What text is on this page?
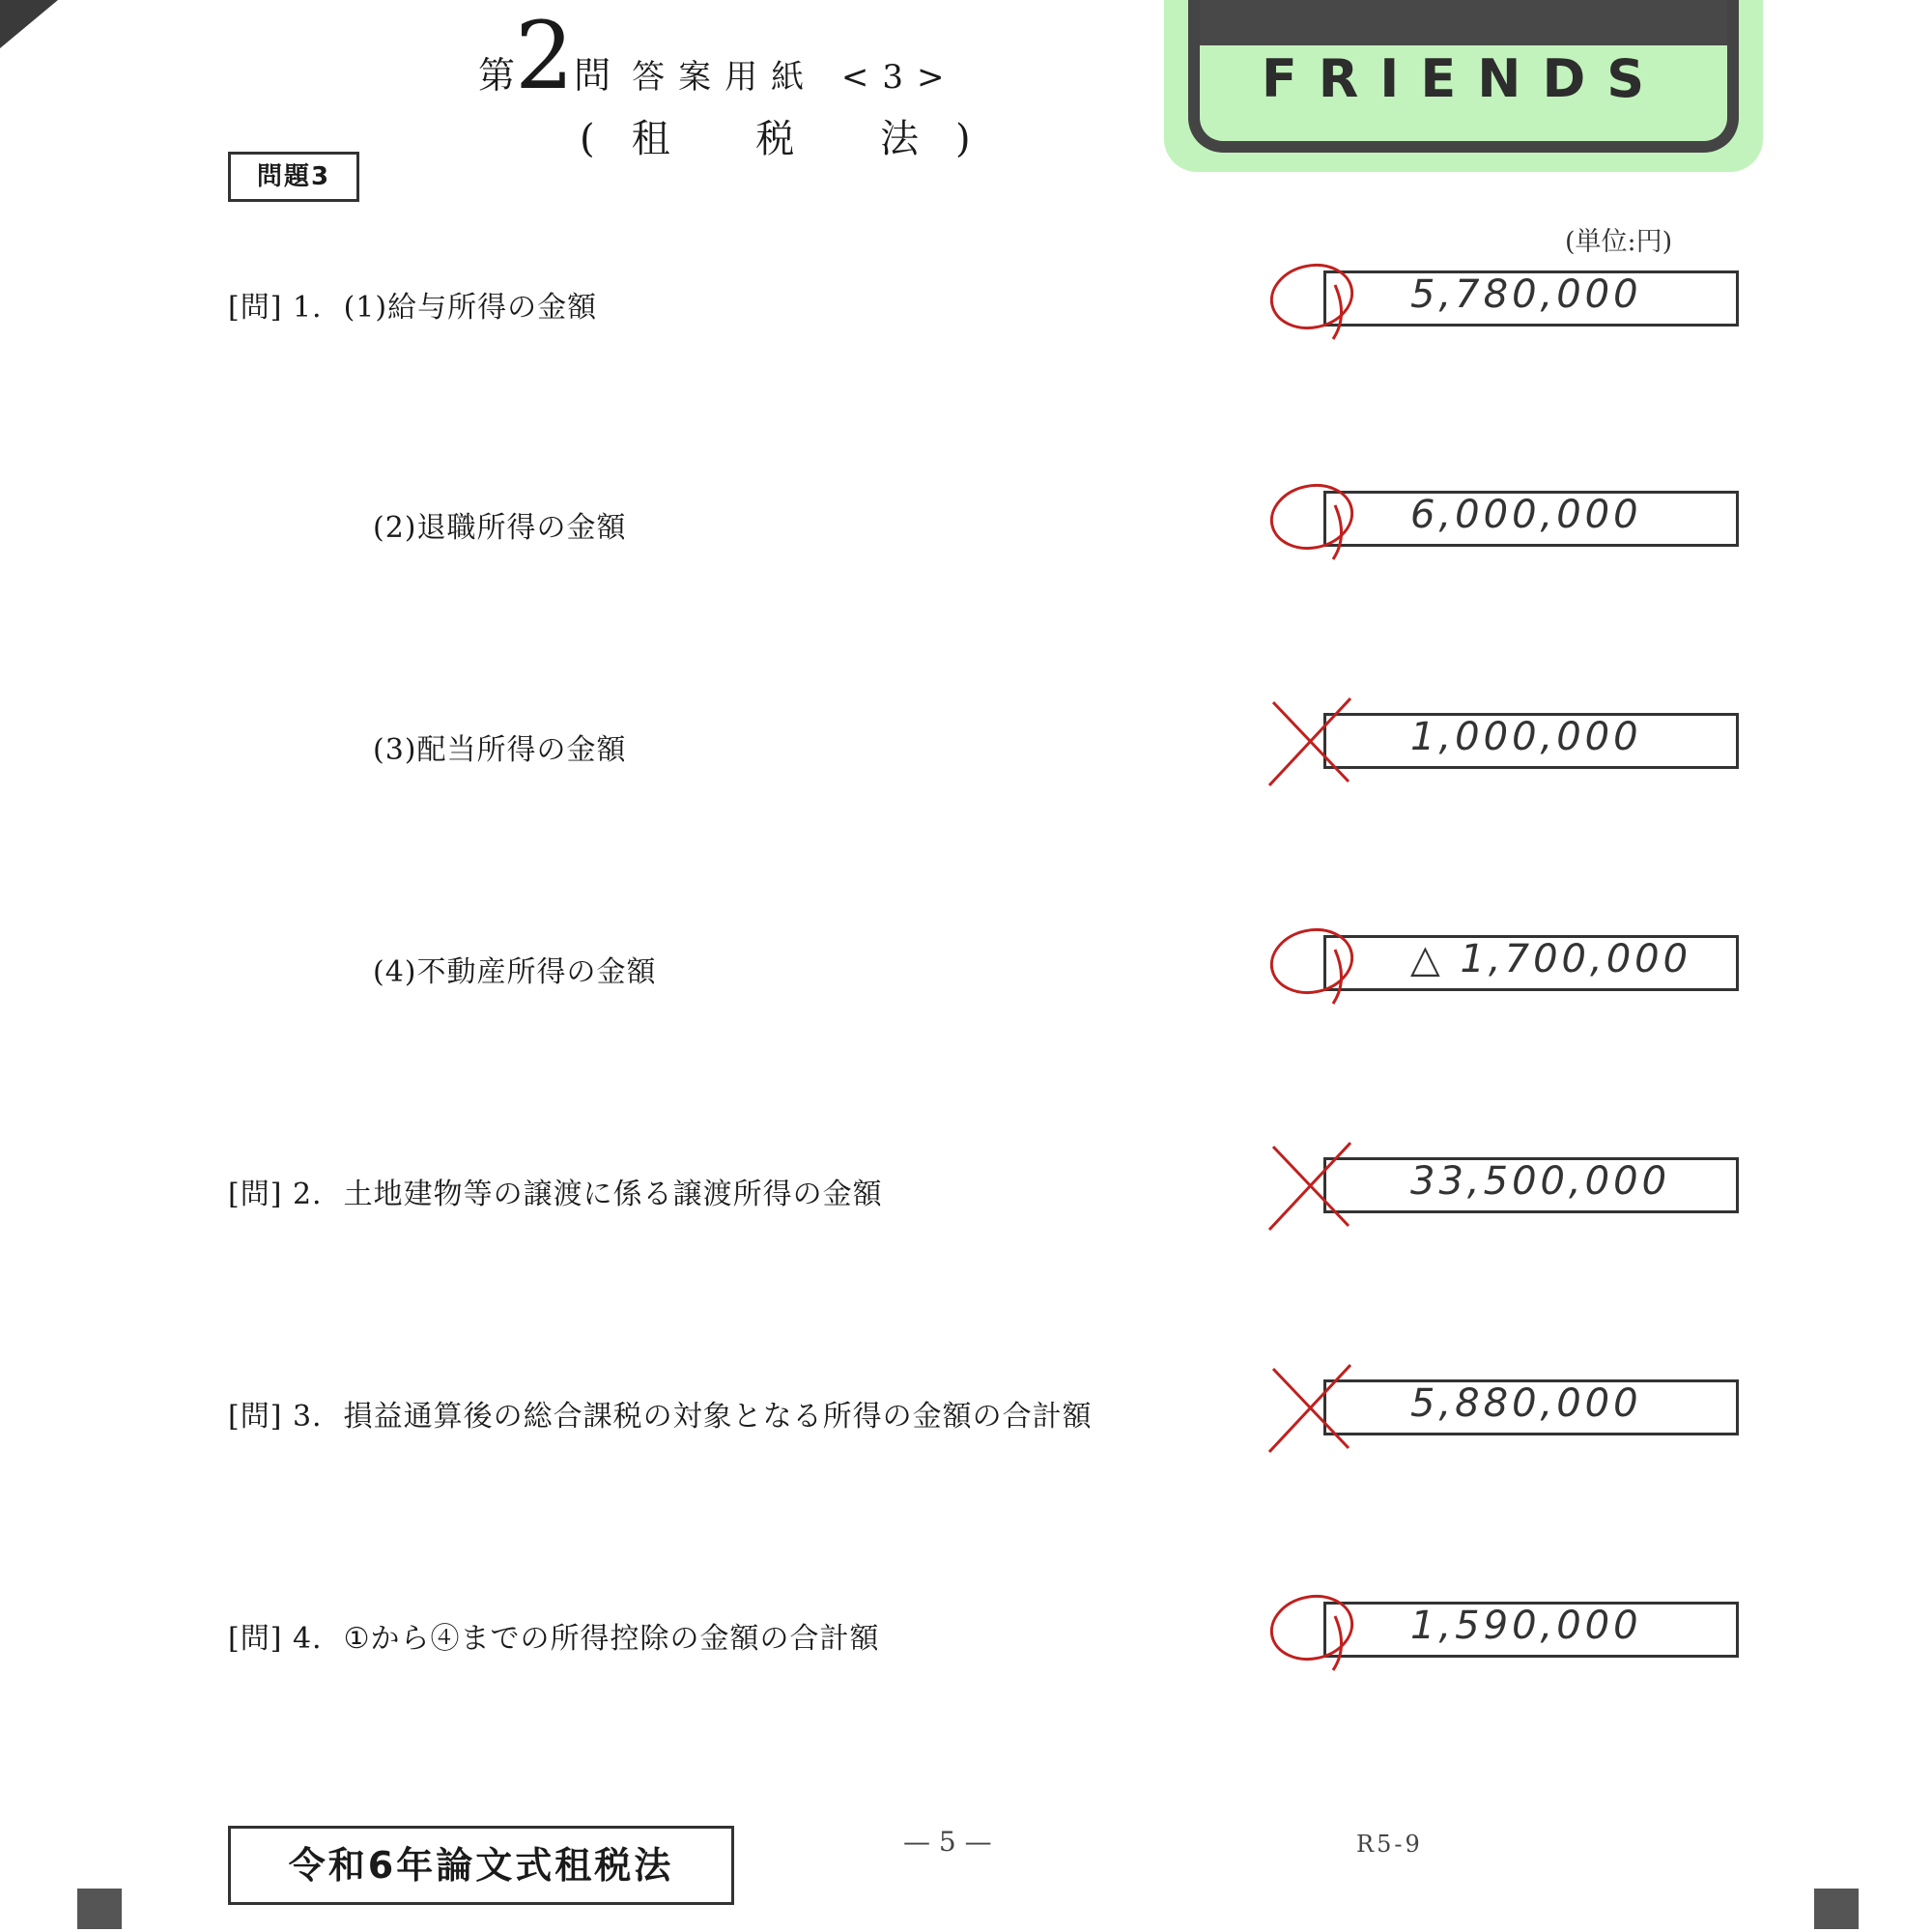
第2問 答案用紙 <3>
(租 税 法)
FRIENDS
問題3
(単位:円)
[問] 1. (1)給与所得の金額	5,780,000
(2)退職所得の金額	6,000,000
(3)配当所得の金額	1,000,000
(4)不動産所得の金額	△ 1,700,000
[問] 2. 土地建物等の譲渡に係る譲渡所得の金額	33,500,000
[問] 3. 損益通算後の総合課税の対象となる所得の金額の合計額	5,880,000
[問] 4. ①から④までの所得控除の金額の合計額	1,590,000
令和6年論文式租税法
— 5 —	R5-9
